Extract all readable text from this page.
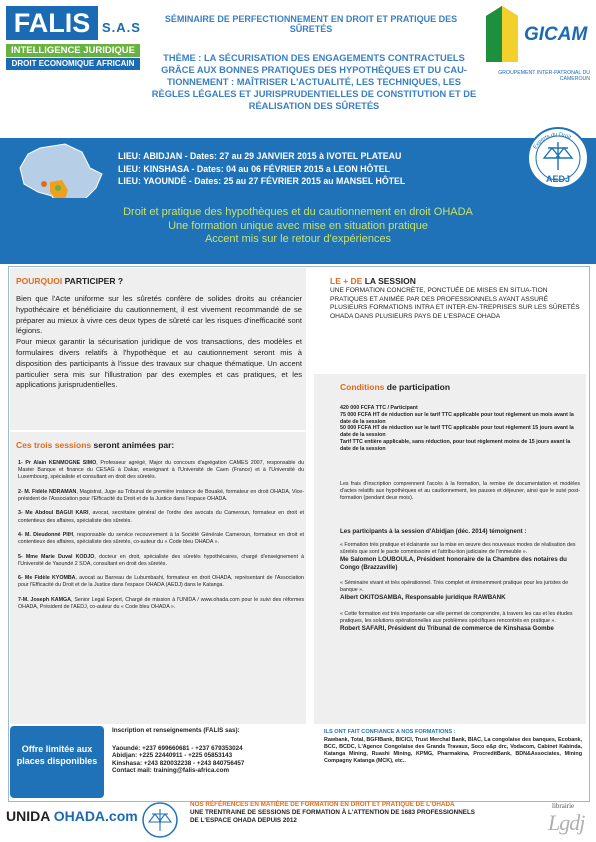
FALIS S.A.S
INTELLIGENCE JURIDIQUE
DROIT ECONOMIQUE AFRICAIN
SÉMINAIRE DE PERFECTIONNEMENT EN DROIT ET PRATIQUE DES SÛRETÉS	GICAM
GROUPEMENT INTER-PATRONAL DU CAMEROUN
THÈME : LA SÉCURISATION DES ENGAGEMENTS CONTRACTUELS
GRÂCE AUX BONNES PRATIQUES DES HYPOTHÈQUES ET DU CAU-
TIONNEMENT : MAÎTRISER L'ACTUALITÉ, LES TECHNIQUES, LES
RÈGLES LÉGALES ET JURISPRUDENTIELLES DE CONSTITUTION ET DE
RÉALISATION DES SÛRETÉS
LIEU: ABIDJAN - Dates: 27 au 29 JANVIER 2015 à IVOTEL PLATEAU
LIEU: KINSHASA - Dates: 04 au 06 FÉVRIER 2015 a LEON HÔTEL
LIEU: YAOUNDÉ - Dates: 25 au 27 FÉVRIER 2015 au MANSEL HÔTEL	AEDJ
Experts du Droit
Droit et pratique des hypothèques et du cautionnement en droit OHADA
Une formation unique avec mise en situation pratique
Accent mis sur le retour d'expériences
POURQUOI PARTICIPER ?

Bien que l'Acte uniforme sur les sûretés confère de solides droits au créancier hypothécaire et bénéficiaire du cautionnement, il est vivement recommandé de se préparer au mieux à vivre ces deux types de sûreté car les risques d'inefficacité sont légions.

Pour mieux garantir la sécurisation juridique de vos transactions, des modèles et formulaires divers relatifs à l'hypothèque et au cautionnement seront mis à disposition des participants à l'issue des travaux sur chaque thématique. Un accent particulier sera mis sur l'illustration par des exemples et cas pratiques, et les applications jurisprudentielles.

Ces trois sessions seront animées par:
1- Pr Alain KENMOGNE SIMO, Professeur agrégé, Major du concours d'agrégation CAMES 2007, responsable du Master Banque et finance du CESAG à Dakar, enseignant à l'Université de Caen (France) et à l'Université du Luxembourg, spécialiste et consultant en droit des sûretés.
2- M. Fidèle NDRAMAN, Magistrat, Juge au Tribunal de première instance de Bouaké, formateur en droit OHADA, Vice-président de l'Association pour l'Efficacité du Droit et de la Justice dans l'espace OHADA.
3- Me Abdoul BAGUI KARI, avocat, secrétaire général de l'ordre des avocats du Cameroun, formateur en droit et contentieux des affaires, spécialiste des sûretés.
4- M. Dieudonné PIIH, responsable du service recouvrement à la Société Générale Cameroun, formateur en droit et contentieux des affaires, spécialiste des sûretés, co-auteur du « Code bleu OHADA ».
5- Mme Marie Duval KODJO, docteur en droit, spécialiste des sûretés hypothécaires, chargé d'enseignement à l'Université de Yaoundé 2 SOA, consultant en droit des sûretés.
6- Me Fidèle KYOMBA, avocat au Barreau de Lubumbashi, formateur en droit OHADA, représentant de l'Association pour l'Efficacité du Droit et de la Justice dans l'espace OHADA (AEDJ) dans le Katanga.
7-M. Joseph KAMGA, Senior Legal Expert, Chargé de mission à l'UNIDA / www.ohada.com pour le suivi des réformes OHADA, Président de l'AEDJ, co-auteur du « Code bleu OHADA ».
LE + DE LA SESSION
UNE FORMATION CONCRÈTE, PONCTUÉE DE MISES EN SITUA-TION PRATIQUES ET ANIMÉE PAR DES PROFESSIONNELS AYANT ASSURÉ PLUSIEURS FORMATIONS INTRA ET INTER-EN-TREPRISES SUR LES SÛRETÉS OHADA DANS PLUSIEURS PAYS DE L'ESPACE OHADA
Conditions de participation
420 000 FCFA TTC / Participant
75 000 FCFA HT de réduction sur le tarif TTC applicable pour tout règlement un mois avant la date de la session
50 000 FCFA HT de réduction sur le tarif TTC applicable pour tout règlement 15 jours avant la date de la session
Tarif TTC entière applicable, sans réduction, pour tout règlement moins de 15 jours avant la date de la session
Les frais d'inscription comprennent l'accès à la formation, la remise de documentation et modèles d'actes relatifs aux hypothèques et au cautionnement, les pauses et déjeuner, ainsi que le suivi post-formation (pendant deux mois).
Les participants à la session d'Abidjan (déc. 2014) témoignent :
« Formation très pratique et éclairante sur la mise en œuvre des nouveaux modes de réalisation des sûretés que sont le pacte commissoire et l'attribu-tion judiciaire de l'immeuble ».
Me Salomon LOUBOULA, Président honoraire de la Chambre des notaires du Congo (Brazzaville)
« Séminaire vivant et très opérationnel. Très complet et éminemment pratique pour les juristes de banque ».
Albert OKITOSAMBA, Responsable juridique RAWBANK
« Cette formation est très importante car elle permet de comprendre, à travers les cas et les études pratiques, les solutions opérationnelles aux problèmes spécifiques rencontrés en pratique ».
Robert SAFARI, Président du Tribunal de commerce de Kinshasa Gombe
Offre limitée aux places disponibles
Inscription et renseignements (FALIS sas):
Yaoundé: +237 699660681 - +237 679353024
Abidjan: +225 22440911 - +225 05853143
Kinshasa: +243 820032238 - +243 840756457
Contact mail: training@falis-africa.com
ILS ONT FAIT CONFIANCE A NOS FORMATIONS :
Rawbank, Total, BGFIBank, BICICI, Trust Merchal Bank, BIAC, La congolaise des banques, Ecobank, BCC, BCDC, L'Agence Congolaise des Grands Travaux, Soco e&p drc, Vodacom, Cabinet Kabinda, Katanga Mining, Ruashi Mining, KPMG, Pharmakina, ProcreditBank, BDN&Associates, Mining Compagny Katanga (MCK), etc..
UNIDA OHADA.com
NOS RÉFÉRENCES EN MATIÈRE DE FORMATION EN DROIT ET PRATIQUE DE L'OHADA
UNE TRENTRAINE DE SESSIONS DE FORMATION À L'ATTENTION DE 1683 PROFESSIONNELS
DE L'ESPACE OHADA DEPUIS 2012
librairie
Lgdj
